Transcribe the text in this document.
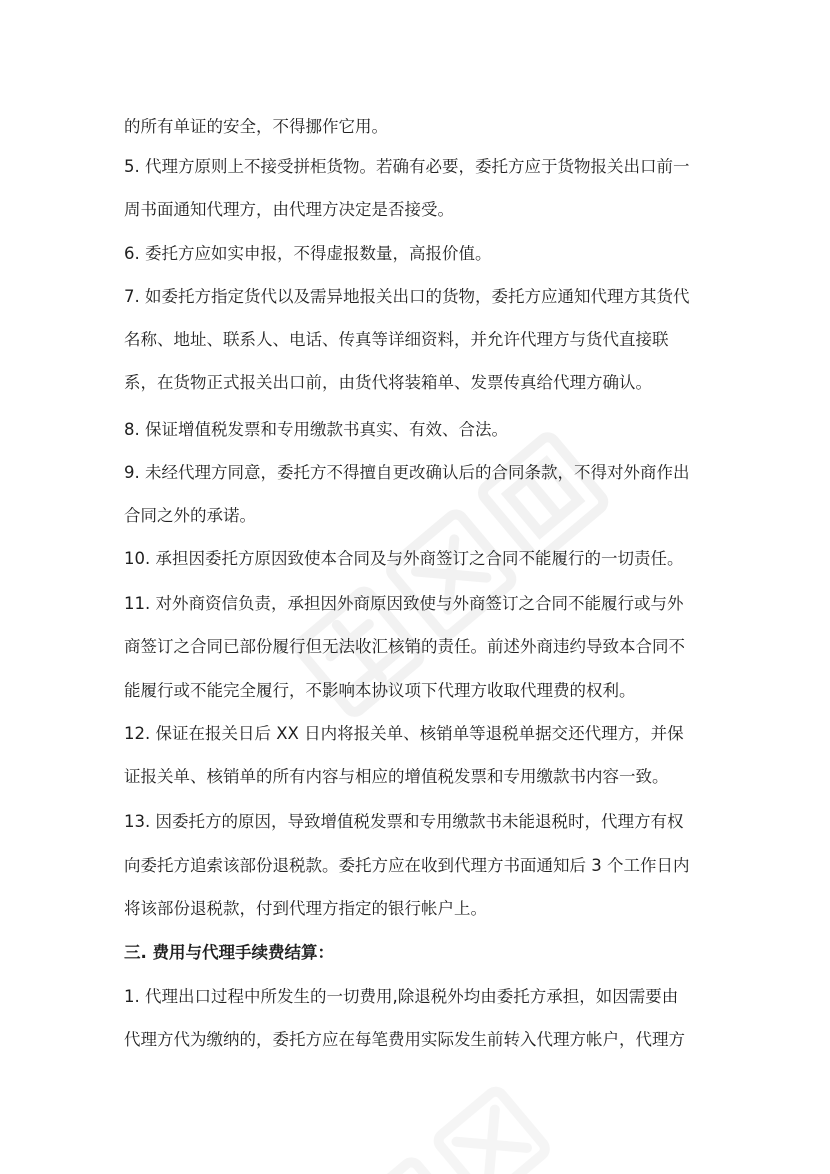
的所有单证的安全，不得挪作它用。
5. 代理方原则上不接受拼柜货物。若确有必要，委托方应于货物报关出口前一
周书面通知代理方，由代理方决定是否接受。
6. 委托方应如实申报，不得虚报数量，高报价值。
7. 如委托方指定货代以及需异地报关出口的货物，委托方应通知代理方其货代
名称、地址、联系人、电话、传真等详细资料，并允许代理方与货代直接联
系，在货物正式报关出口前，由货代将装箱单、发票传真给代理方确认。
8. 保证增值税发票和专用缴款书真实、有效、合法。
9. 未经代理方同意，委托方不得擅自更改确认后的合同条款，不得对外商作出
合同之外的承诺。
10. 承担因委托方原因致使本合同及与外商签订之合同不能履行的一切责任。
11. 对外商资信负责，承担因外商原因致使与外商签订之合同不能履行或与外
商签订之合同已部份履行但无法收汇核销的责任。前述外商违约导致本合同不
能履行或不能完全履行，不影响本协议项下代理方收取代理费的权利。
12. 保证在报关日后 XX 日内将报关单、核销单等退税单据交还代理方，并保
证报关单、核销单的所有内容与相应的增值税发票和专用缴款书内容一致。
13. 因委托方的原因，导致增值税发票和专用缴款书未能退税时，代理方有权
向委托方追索该部份退税款。委托方应在收到代理方书面通知后 3 个工作日内
将该部份退税款，付到代理方指定的银行帐户上。
三. 费用与代理手续费结算：
1. 代理出口过程中所发生的一切费用,除退税外均由委托方承担，如因需要由
代理方代为缴纳的，委托方应在每笔费用实际发生前转入代理方帐户，代理方
